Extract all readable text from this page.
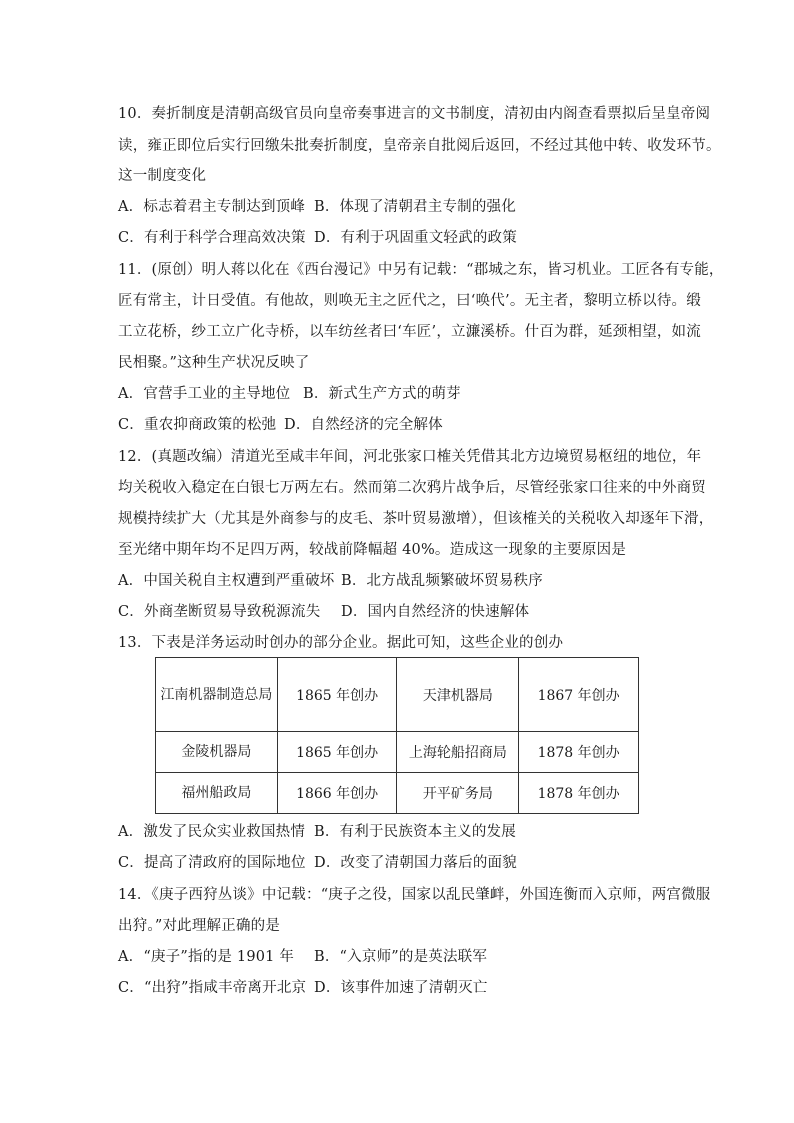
10．奏折制度是清朝高级官员向皇帝奏事进言的文书制度，清初由内阁查看票拟后呈皇帝阅
读，雍正即位后实行回缴朱批奏折制度，皇帝亲自批阅后返回，不经过其他中转、收发环节。
这一制度变化
A．标志着君主专制达到顶峰 B．体现了清朝君主专制的强化
C．有利于科学合理高效决策 D．有利于巩固重文轻武的政策
11．(原创）明人蒋以化在《西台漫记》中另有记载：“郡城之东，皆习机业。工匠各有专能，
匠有常主，计日受值。有他故，则唤无主之匠代之，曰‘唤代’。无主者，黎明立桥以待。缎
工立花桥，纱工立广化寺桥，以车纺丝者曰‘车匠’，立濂溪桥。什百为群，延颈相望，如流
民相聚。”这种生产状况反映了
A．官营手工业的主导地位 B．新式生产方式的萌芽
C．重农抑商政策的松弛 D．自然经济的完全解体
12．(真题改编）清道光至咸丰年间，河北张家口榷关凭借其北方边境贸易枢纽的地位，年
均关税收入稳定在白银七万两左右。然而第二次鸦片战争后，尽管经张家口往来的中外商贸
规模持续扩大（尤其是外商参与的皮毛、茶叶贸易激增），但该榷关的关税收入却逐年下滑，
至光绪中期年均不足四万两，较战前降幅超 40%。造成这一现象的主要原因是
A．中国关税自主权遭到严重破坏 B．北方战乱频繁破坏贸易秩序
C．外商垄断贸易导致税源流失 D．国内自然经济的快速解体
13．下表是洋务运动时创办的部分企业。据此可知，这些企业的创办
江南机器制造总局	1865 年创办	天津机器局	1867 年创办
金陵机器局	1865 年创办	上海轮船招商局	1878 年创办
福州船政局	1866 年创办	开平矿务局	1878 年创办
A．激发了民众实业救国热情 B．有利于民族资本主义的发展
C．提高了清政府的国际地位 D．改变了清朝国力落后的面貌
14．《庚子西狩丛谈》中记载：“庚子之役，国家以乱民肇衅，外国连衡而入京师，两宫微服
出狩。”对此理解正确的是
A．“庚子”指的是 1901 年 B．“入京师”的是英法联军
C．“出狩”指咸丰帝离开北京 D．该事件加速了清朝灭亡
